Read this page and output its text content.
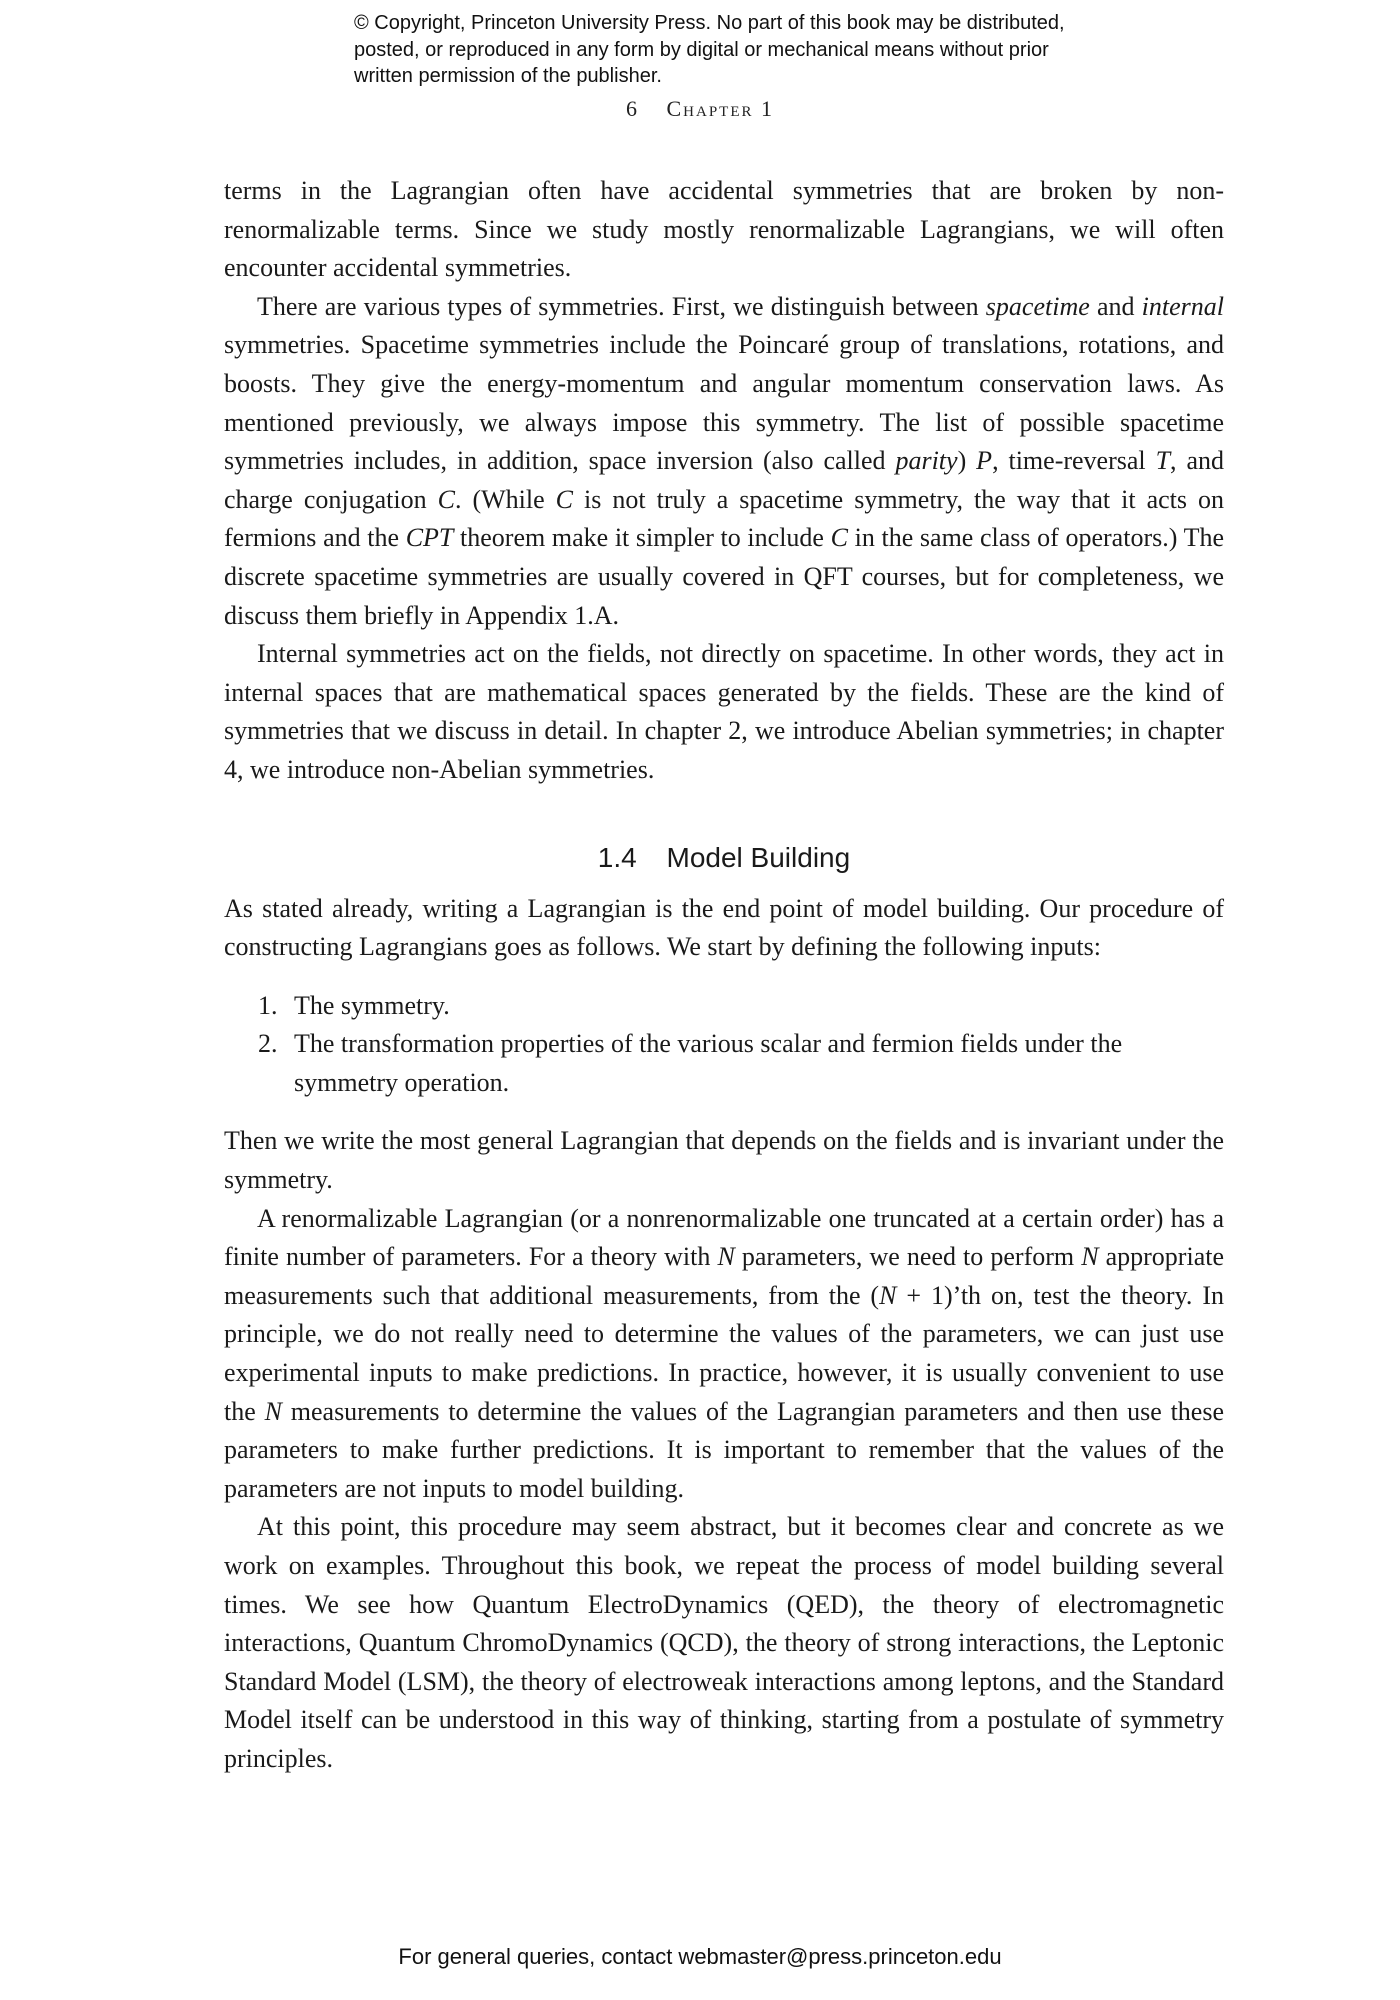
© Copyright, Princeton University Press. No part of this book may be distributed, posted, or reproduced in any form by digital or mechanical means without prior written permission of the publisher.
6 Chapter 1

terms in the Lagrangian often have accidental symmetries that are broken by non-renormalizable terms. Since we study mostly renormalizable Lagrangians, we will often encounter accidental symmetries.

There are various types of symmetries. First, we distinguish between spacetime and internal symmetries. Spacetime symmetries include the Poincaré group of translations, rotations, and boosts. They give the energy-momentum and angular momentum conservation laws. As mentioned previously, we always impose this symmetry. The list of possible spacetime symmetries includes, in addition, space inversion (also called parity) P, time-reversal T, and charge conjugation C. (While C is not truly a spacetime symmetry, the way that it acts on fermions and the CPT theorem make it simpler to include C in the same class of operators.) The discrete spacetime symmetries are usually covered in QFT courses, but for completeness, we discuss them briefly in Appendix 1.A.

Internal symmetries act on the fields, not directly on spacetime. In other words, they act in internal spaces that are mathematical spaces generated by the fields. These are the kind of symmetries that we discuss in detail. In chapter 2, we introduce Abelian symmetries; in chapter 4, we introduce non-Abelian symmetries.

1.4 Model Building

As stated already, writing a Lagrangian is the end point of model building. Our procedure of constructing Lagrangians goes as follows. We start by defining the following inputs:

1. The symmetry.
2. The transformation properties of the various scalar and fermion fields under the symmetry operation.

Then we write the most general Lagrangian that depends on the fields and is invariant under the symmetry.

A renormalizable Lagrangian (or a nonrenormalizable one truncated at a certain order) has a finite number of parameters. For a theory with N parameters, we need to perform N appropriate measurements such that additional measurements, from the (N + 1)’th on, test the theory. In principle, we do not really need to determine the values of the parameters, we can just use experimental inputs to make predictions. In practice, however, it is usually convenient to use the N measurements to determine the values of the Lagrangian parameters and then use these parameters to make further predictions. It is important to remember that the values of the parameters are not inputs to model building.

At this point, this procedure may seem abstract, but it becomes clear and concrete as we work on examples. Throughout this book, we repeat the process of model building several times. We see how Quantum ElectroDynamics (QED), the theory of electromagnetic interactions, Quantum ChromoDynamics (QCD), the theory of strong interactions, the Leptonic Standard Model (LSM), the theory of electroweak interactions among leptons, and the Standard Model itself can be understood in this way of thinking, starting from a postulate of symmetry principles.

For general queries, contact webmaster@press.princeton.edu
